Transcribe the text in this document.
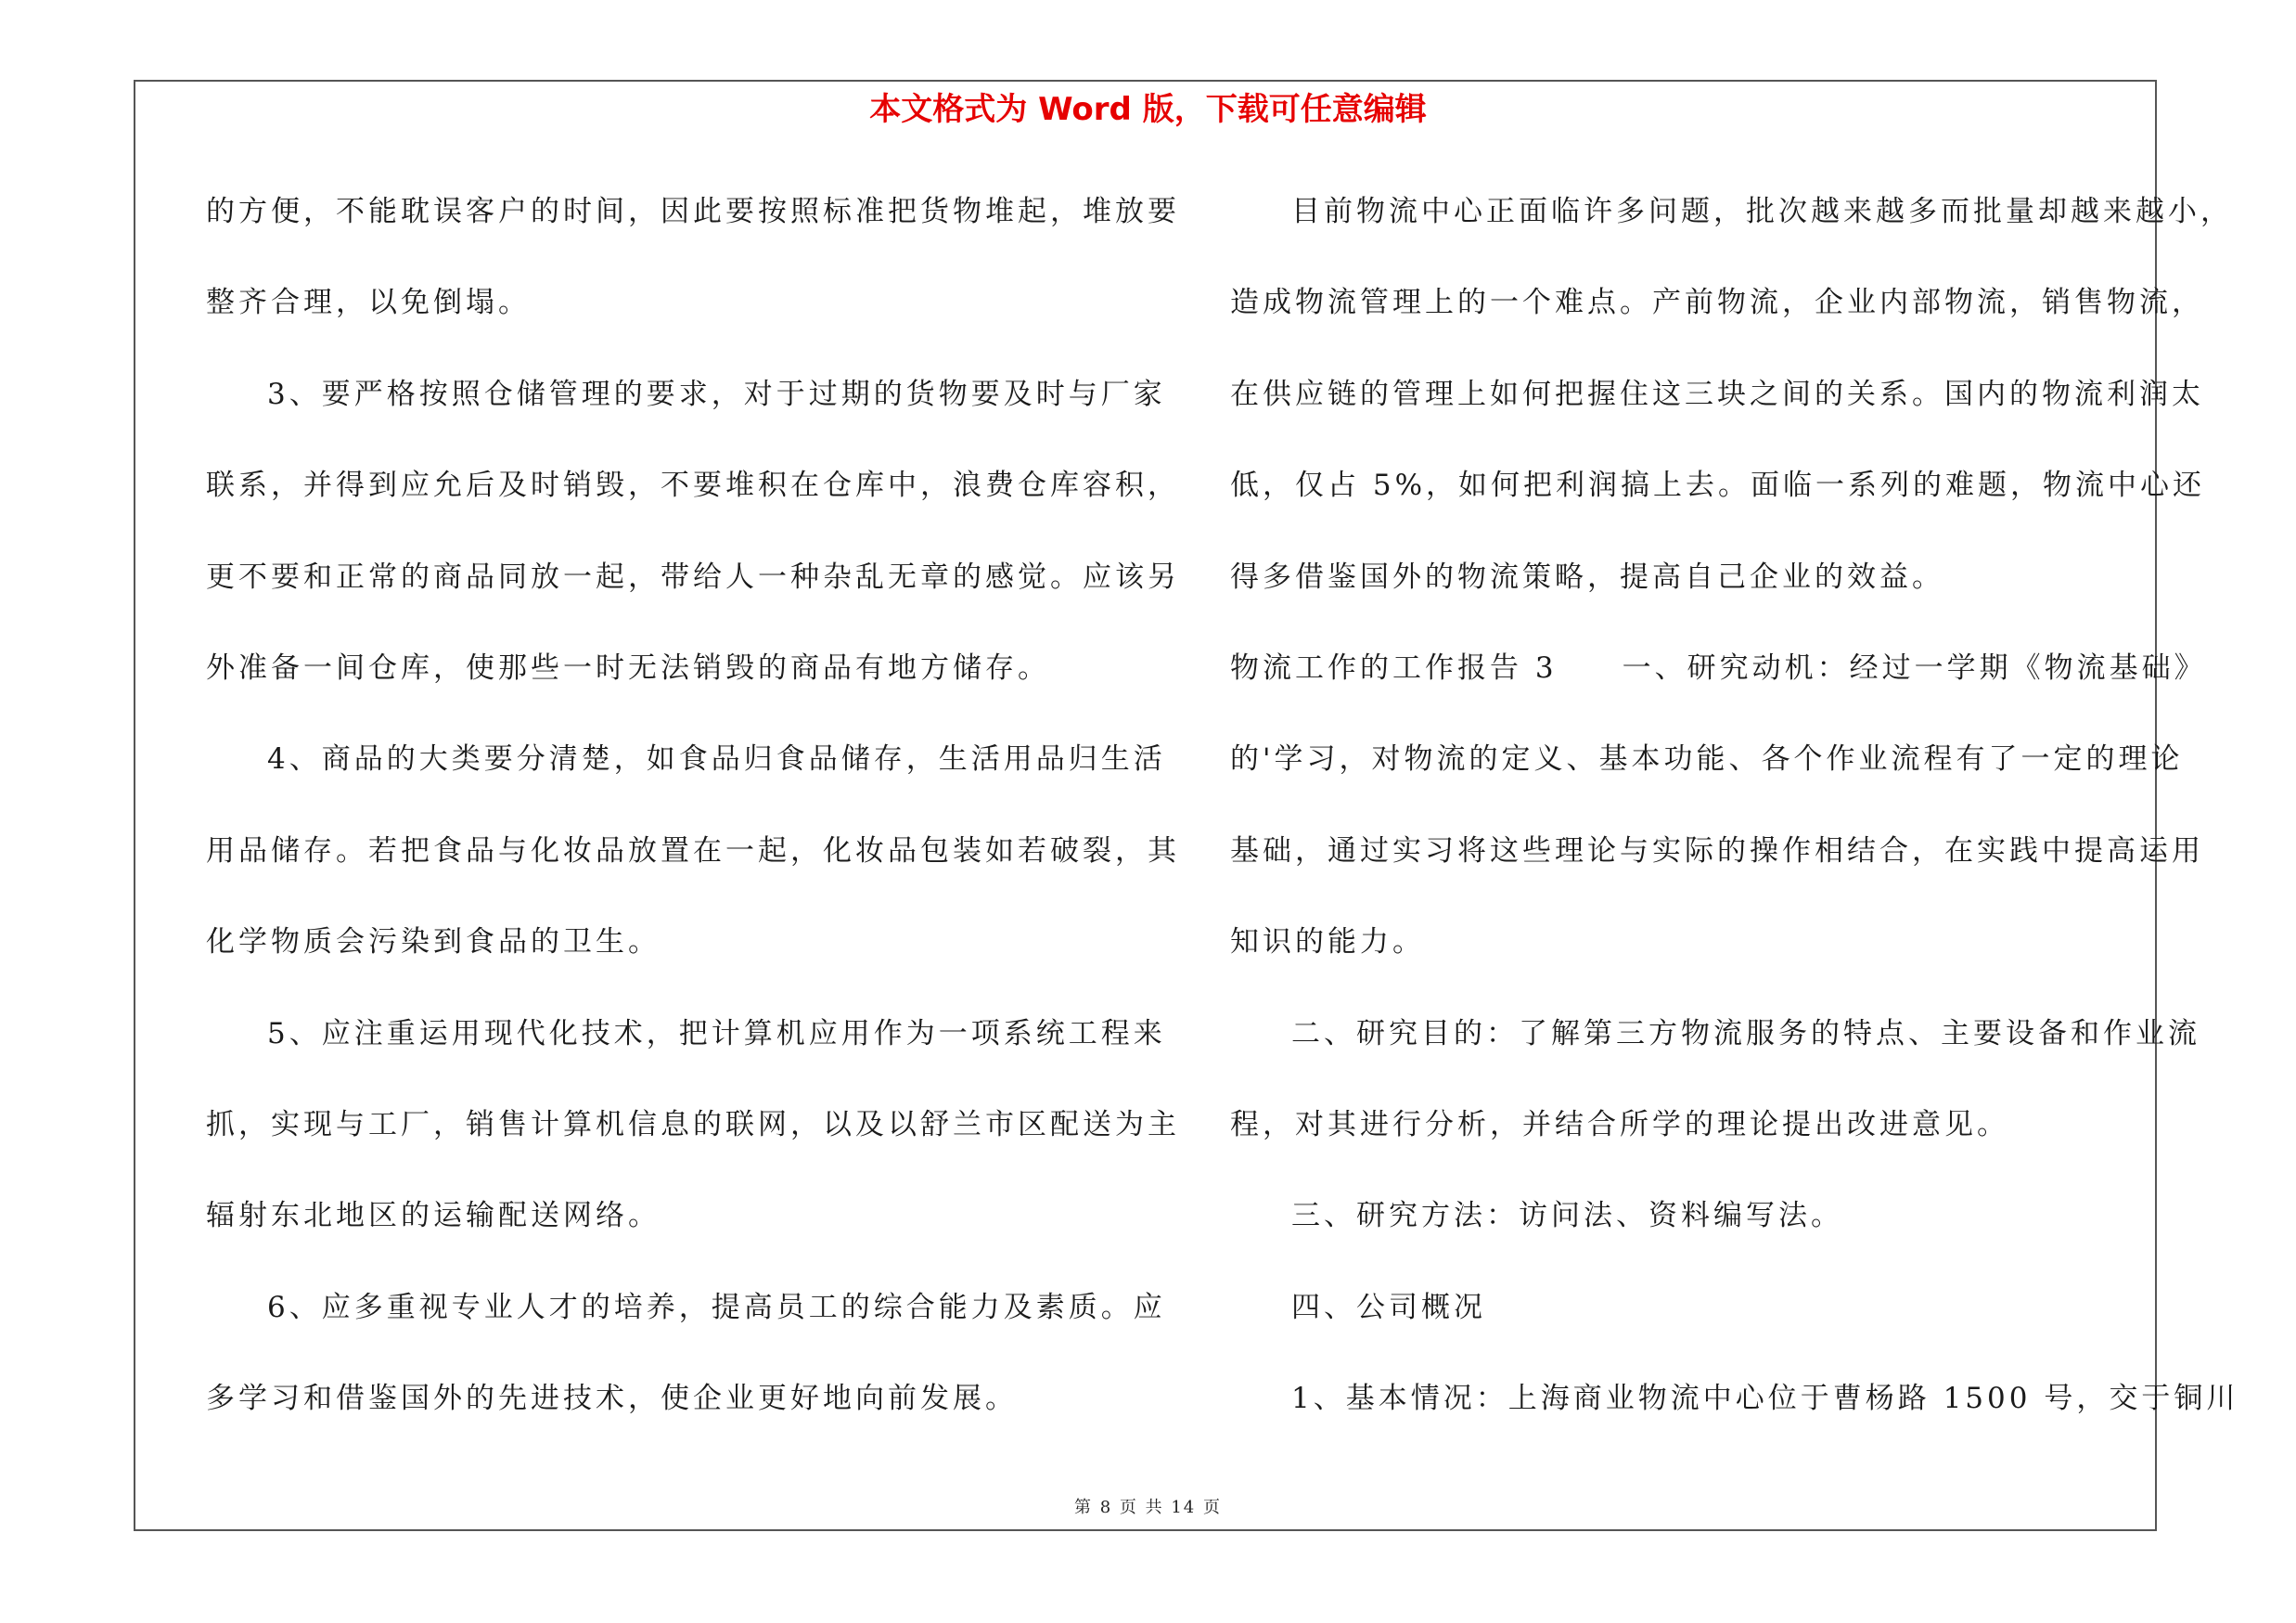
本文格式为 Word 版，下载可任意编辑
的方便，不能耽误客户的时间，因此要按照标准把货物堆起，堆放要
整齐合理，以免倒塌。
3、要严格按照仓储管理的要求，对于过期的货物要及时与厂家
联系，并得到应允后及时销毁，不要堆积在仓库中，浪费仓库容积，
更不要和正常的商品同放一起，带给人一种杂乱无章的感觉。应该另
外准备一间仓库，使那些一时无法销毁的商品有地方储存。
4、商品的大类要分清楚，如食品归食品储存，生活用品归生活
用品储存。若把食品与化妆品放置在一起，化妆品包装如若破裂，其
化学物质会污染到食品的卫生。
5、应注重运用现代化技术，把计算机应用作为一项系统工程来
抓，实现与工厂，销售计算机信息的联网，以及以舒兰市区配送为主
辐射东北地区的运输配送网络。
6、应多重视专业人才的培养，提高员工的综合能力及素质。应
多学习和借鉴国外的先进技术，使企业更好地向前发展。
目前物流中心正面临许多问题，批次越来越多而批量却越来越小，
造成物流管理上的一个难点。产前物流，企业内部物流，销售物流，
在供应链的管理上如何把握住这三块之间的关系。国内的物流利润太
低，仅占 5%，如何把利润搞上去。面临一系列的难题，物流中心还
得多借鉴国外的物流策略，提高自己企业的效益。
物流工作的工作报告 3　　一、研究动机：经过一学期《物流基础》
的'学习，对物流的定义、基本功能、各个作业流程有了一定的理论
基础，通过实习将这些理论与实际的操作相结合，在实践中提高运用
知识的能力。
二、研究目的：了解第三方物流服务的特点、主要设备和作业流
程，对其进行分析，并结合所学的理论提出改进意见。
三、研究方法：访问法、资料编写法。
四、公司概况
1、基本情况：上海商业物流中心位于曹杨路 1500 号，交于铜川
第 8 页 共 14 页
